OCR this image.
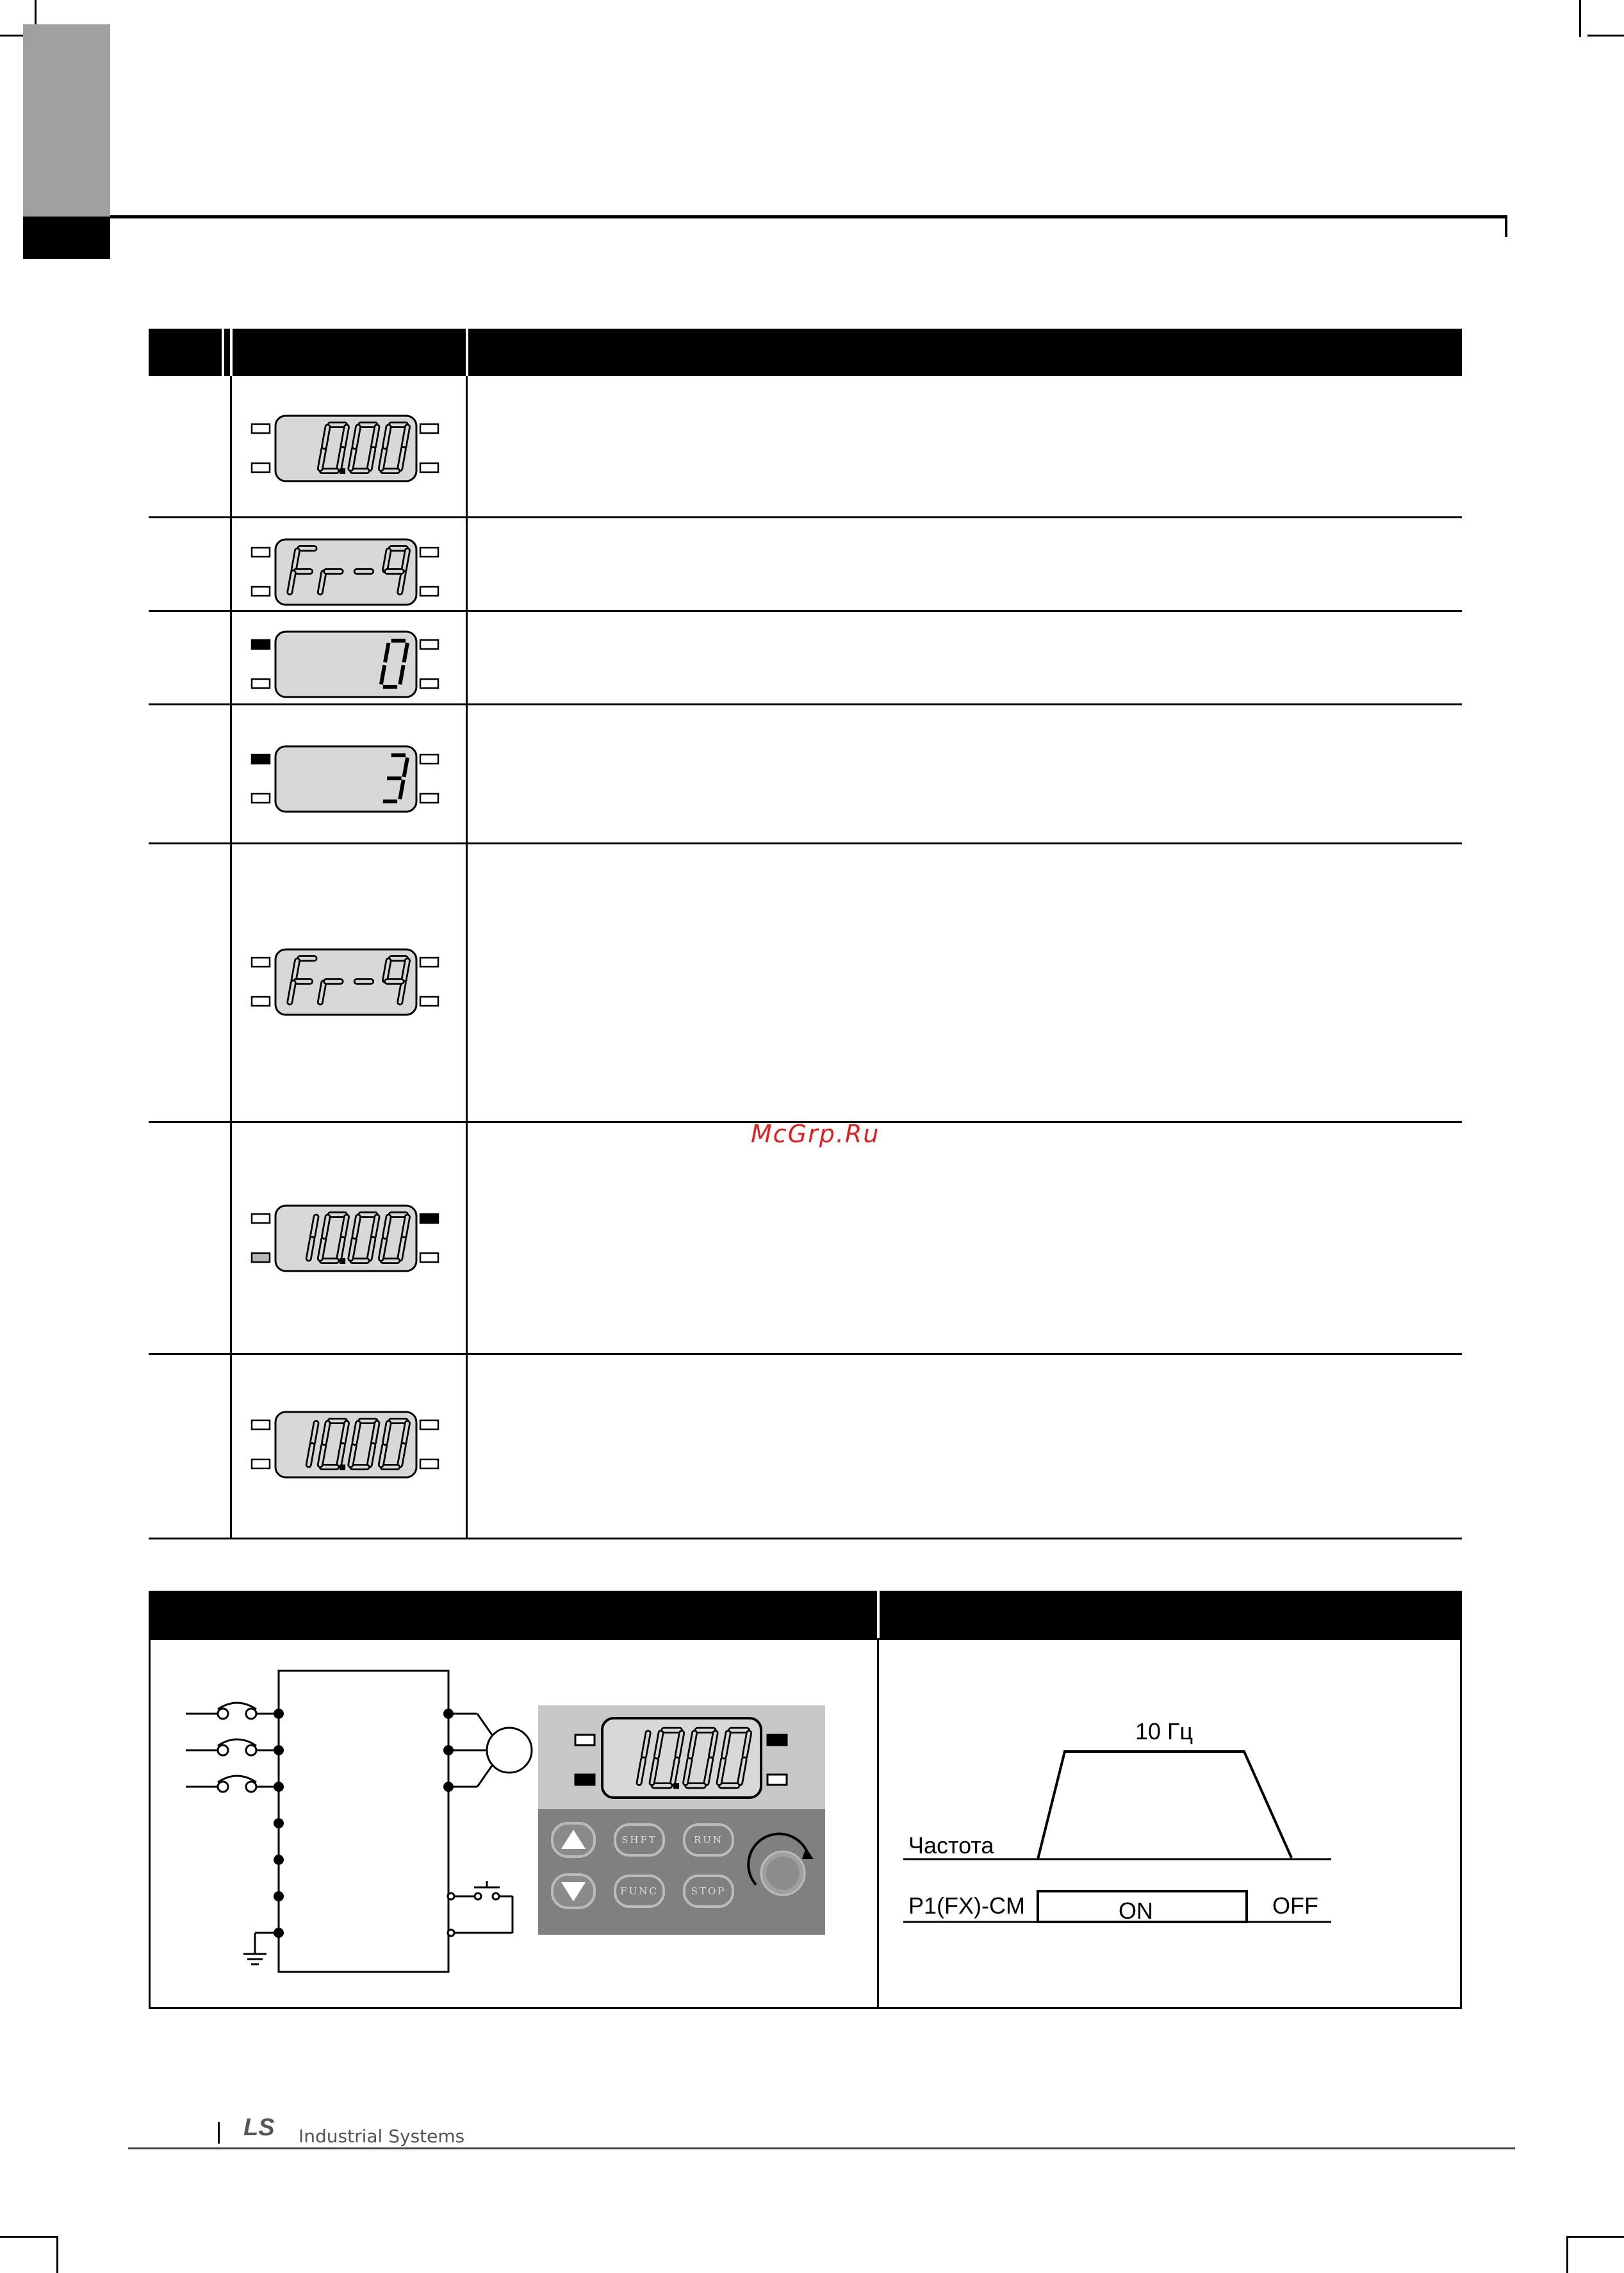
McGrp.Ru
SHFT	RUN
FUNC	STOP
10 Гц
Частота
P1(FX)-CM	ON	OFF
LS Industrial Systems
